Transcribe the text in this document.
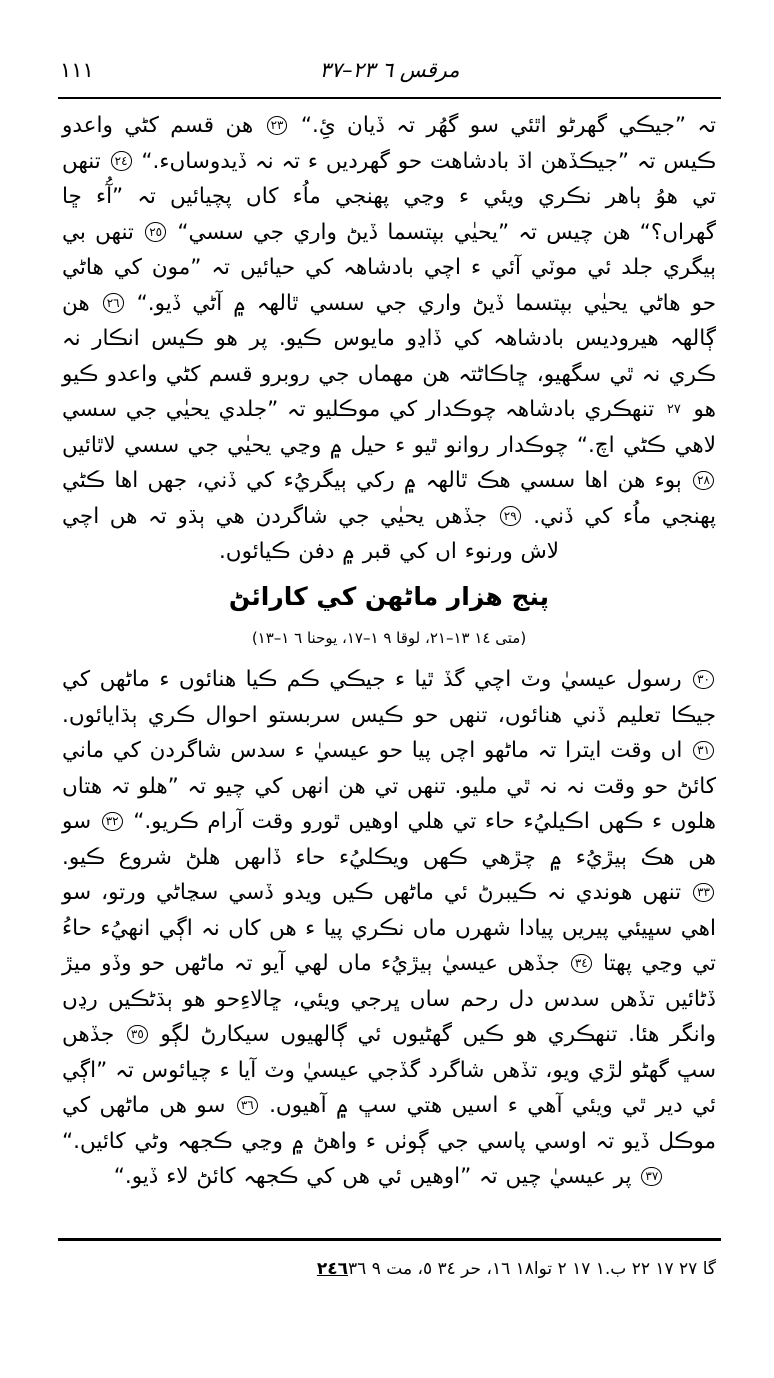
١١١	مرقس ٦ ٢٣–٣٧

تہ ”جيڪي گھرڻو اٿئي سو گھُر تہ ڏيان ئِ.“ ٢٣ هن قسم کڻي واعدو ڪيس تہ ”جيڪڏهن اڌ بادشاهت حو گھرديں ء تہ نہ ڏيدوساںء.“ ٢٤ تنهں تي هوُ ٻاهر نڪري ويئي ء وڃي پهنجي ماُء کاں پچيائيں تہ ”آُء ڇا گھراں؟“ هن چيس تہ ”يحيٰي بپتسما ڏيڻ واري جي سسي“ ٢٥ تنهں بي ٻيگري جلد ئي موٽي آئي ء اچي بادشاهہ کي حيائيں تہ ”مون کي هاڻي حو هاڻي يحيٰي بپتسما ڏيڻ واري جي سسي ٿالهہ ۾ آڻي ڏيو.“ ٢٦ هن ڳالهہ هيروديس بادشاهہ کي ڏاڍو مايوس ڪيو. پر هو ڪيس انڪار نہ ڪري نہ ٿي سگھيو، ڇاڪاڻتہ هن مهماں جي روبرو قسم کڻي واعدو ڪيو هو ٢٧ تنهڪري بادشاهہ چوڪدار کي موڪليو تہ ”جلدي يحيٰي جي سسي لاهي ڪڻي اچ.“ چوڪدار روانو ٿيو ء حيل ۾ وڃي يحيٰي جي سسي لاٿائيں ٢٨ ٻوء هن اها سسي هڪ ٿالهہ ۾ رکي ٻيگريُء کي ڏني، جهں اها ڪڻي پهنجي ماُء کي ڏني. ٢٩ جڏهں يحيٰي جي شاگردن هي ٻڌو تہ هں اچي لاش ورنوء اں کي قبر ۾ دفن ڪيائوں.

پنج هزار ماڻهن کي کارائڻ
(متى ١٤ ١٣–٢١، لوقا ٩ ١–١٧، يوحنا ٦ ١–١٣)

٣٠ رسول عيسيٰ وٽ اچي گڏ ٿيا ء جيڪي ڪم ڪيا هنائوں ء ماڻهں کي جيڪا تعليم ڏني هنائوں، تنهں حو ڪيس سربستو احوال ڪري ٻڌايائوں. ٣١ اں وقت ايترا تہ ماڻهو اچں پيا حو عيسيٰ ء سدس شاگردن کي ماني کائڻ حو وقت نہ نہ ٿي مليو. تنهں تي هن انهں کي چيو تہ ”هلو تہ هتاں هلوں ء ڪهں اڪيليُء حاء تي هلي اوهيں ٿورو وقت آرام ڪريو.“ ٣٢ سو هں هڪ ٻيڙيُء ۾ چڙهي ڪهں ويڪليُء حاء ڏاںهں هلڻ شروع ڪيو.

٣٣ تنهں هوندي نہ ڪيبرڻ ئي ماڻهں ڪيں ويدو ڏسي سڃاڻي ورتو، سو اهي سڀيئي پيريں پيادا شهرں ماں نڪري پيا ء هں کاں نہ اڳي انهيُء حاءُ تي وڃي پهتا ٣٤ جڏهں عيسيٰ ٻيڙيُء ماں لهي آيو تہ ماڻهں حو وڏو ميڙ ڏڻائيں تڏهں سدس دل رحم ساں ڀرجي ويئي، ڇالاءِحو هو ٻڌڻڪيں رڍں وانگر هئا. تنهڪري هو ڪيں گھڻيوں ئي ڳالهيوں سيکارڻ لڳو ٣٥ جڏهں سڀ گھڻو لڙي ويو، تڏهں شاگرد گڏجي عيسيٰ وٽ آيا ء چيائوس تہ ”اڳي ئي دير ٿي ويئي آهي ء اسيں هتي سڀ ۾ آهيوں. ٣٦ سو هں ماڻهں کي موڪل ڏيو تہ اوسي پاسي جي ڳوٺں ء واهڻ ۾ وڃي ڪجهہ وڻي کائيں.“ ٣٧ پر عيسيٰ چيں تہ ”اوهيں ئي هں کي ڪجهہ کائڻ لاء ڏيو.“

٢٤٦گا ٢٧ ١٧ ٢٢ ب.١ ١٧ ٢ توا١٨ ١٦، حر ٣٤ ٥، مت ٩ ٣٦
